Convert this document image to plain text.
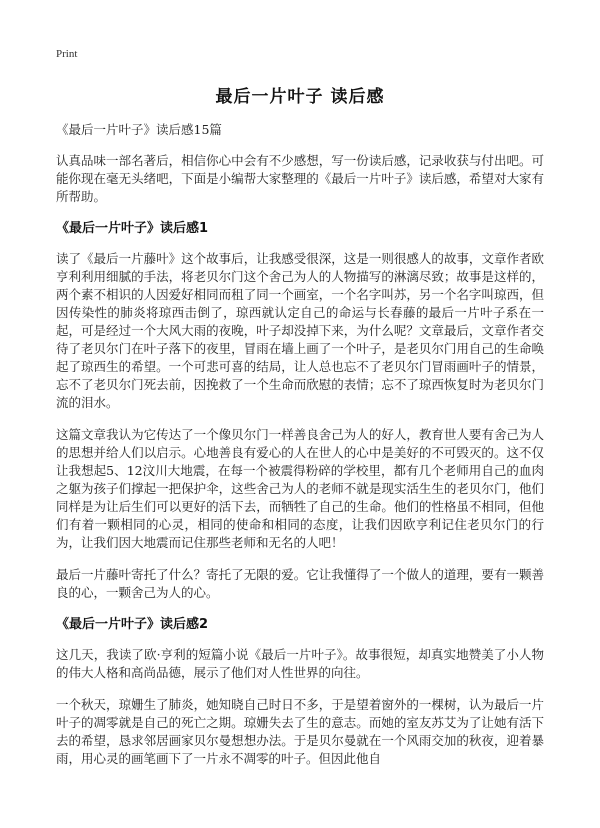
Print
最后一片叶子 读后感
《最后一片叶子》读后感15篇

认真品味一部名著后，相信你心中会有不少感想，写一份读后感，记录收获与付出吧。可能你现在毫无头绪吧，下面是小编帮大家整理的《最后一片叶子》读后感，希望对大家有所帮助。

《最后一片叶子》读后感1

读了《最后一片藤叶》这个故事后，让我感受很深，这是一则很感人的故事，文章作者欧亨利利用细腻的手法，将老贝尔门这个舍己为人的人物描写的淋漓尽致；故事是这样的，两个素不相识的人因爱好相同而租了同一个画室，一个名字叫苏，另一个名字叫琼西，但因传染性的肺炎将琼西击倒了，琼西就认定自己的命运与长春藤的最后一片叶子系在一起，可是经过一个大风大雨的夜晚，叶子却没掉下来，为什么呢？文章最后，文章作者交待了老贝尔门在叶子落下的夜里，冒雨在墙上画了一个叶子，是老贝尔门用自己的生命唤起了琼西生的希望。一个可悲可喜的结局，让人总也忘不了老贝尔门冒雨画叶子的情景，忘不了老贝尔门死去前，因挽救了一个生命而欣慰的表情；忘不了琼西恢复时为老贝尔门流的泪水。

这篇文章我认为它传达了一个像贝尔门一样善良舍己为人的好人，教育世人要有舍己为人的思想并给人们以启示。心地善良有爱心的人在世人的心中是美好的不可毁灭的。这不仅让我想起5、12汶川大地震，在每一个被震得粉碎的学校里，都有几个老师用自己的血肉之躯为孩子们撑起一把保护伞，这些舍己为人的老师不就是现实活生生的老贝尔门，他们同样是为让后生们可以更好的活下去，而牺牲了自己的生命。他们的性格虽不相同，但他们有着一颗相同的心灵，相同的使命和相同的态度，让我们因欧亨利记住老贝尔门的行为，让我们因大地震而记住那些老师和无名的人吧！

最后一片藤叶寄托了什么？寄托了无限的爱。它让我懂得了一个做人的道理，要有一颗善良的心，一颗舍己为人的心。

《最后一片叶子》读后感2

这几天，我读了欧·亨利的短篇小说《最后一片叶子》。故事很短，却真实地赞美了小人物的伟大人格和高尚品德，展示了他们对人性世界的向往。

一个秋天，琼姗生了肺炎，她知晓自己时日不多，于是望着窗外的一棵树，认为最后一片叶子的凋零就是自己的死亡之期。琼姗失去了生的意志。而她的室友苏艾为了让她有活下去的希望，恳求邻居画家贝尔曼想想办法。于是贝尔曼就在一个风雨交加的秋夜，迎着暴雨，用心灵的画笔画下了一片永不凋零的叶子。但因此他自
